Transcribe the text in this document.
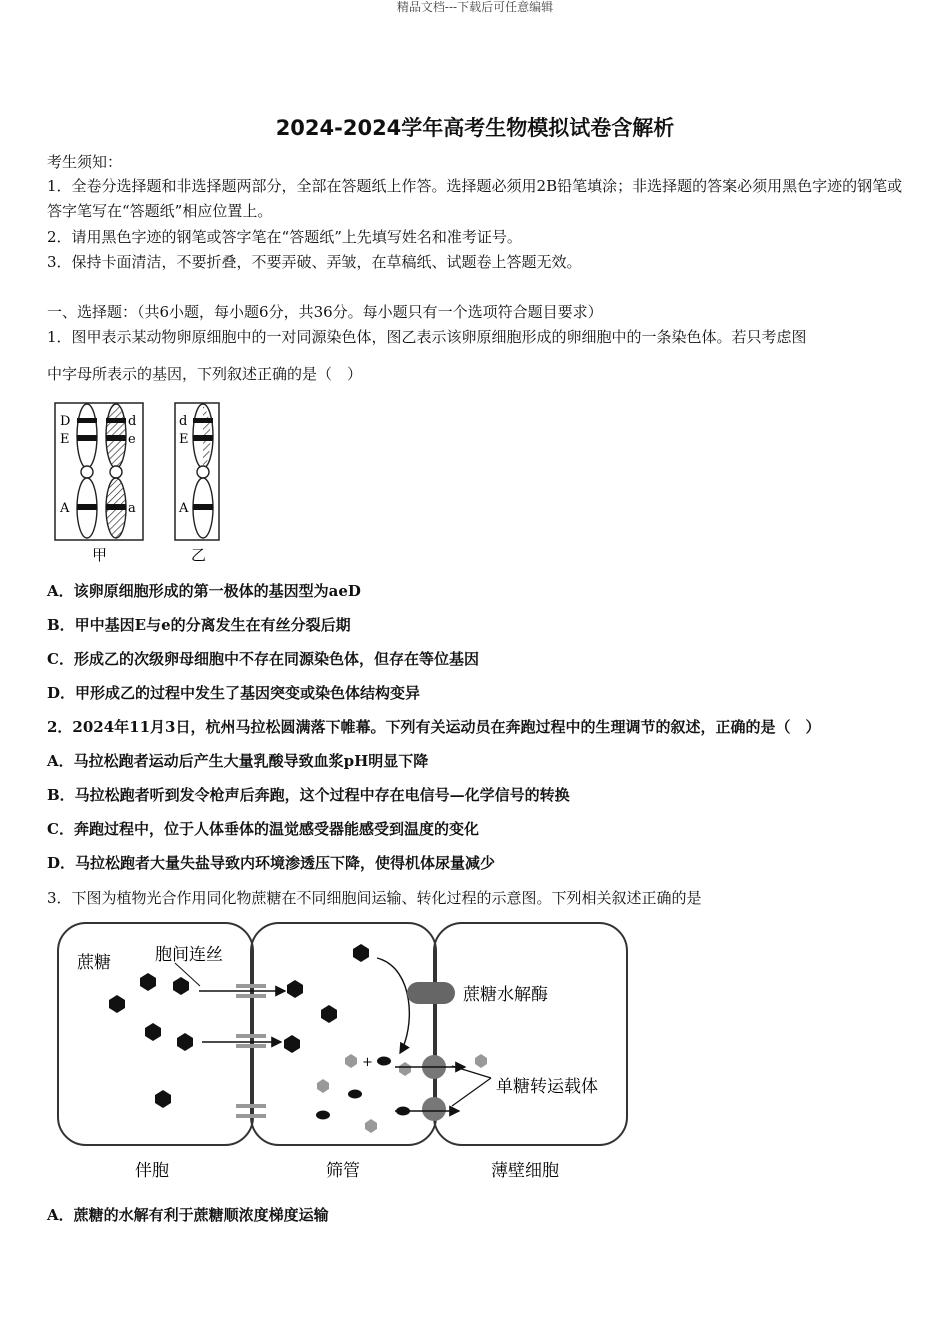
精品文档---下载后可任意编辑
2024-2024学年高考生物模拟试卷含解析
考生须知：
1．全卷分选择题和非选择题两部分，全部在答题纸上作答。选择题必须用2B铅笔填涂；非选择题的答案必须用黑色字迹的钢笔或答字笔写在“答题纸”相应位置上。
2．请用黑色字迹的钢笔或答字笔在“答题纸”上先填写姓名和准考证号。
3．保持卡面清洁，不要折叠，不要弄破、弄皱，在草稿纸、试题卷上答题无效。
一、选择题：（共6小题，每小题6分，共36分。每小题只有一个选项符合题目要求）
1．图甲表示某动物卵原细胞中的一对同源染色体，图乙表示该卵原细胞形成的卵细胞中的一条染色体。若只考虑图
中字母所表示的基因，下列叙述正确的是（　）
D
E
A
d
e
a
甲
d
E
A
乙
A．该卵原细胞形成的第一极体的基因型为aeD
B．甲中基因E与e的分离发生在有丝分裂后期
C．形成乙的次级卵母细胞中不存在同源染色体，但存在等位基因
D．甲形成乙的过程中发生了基因突变或染色体结构变异
2．2024年11月3日，杭州马拉松圆满落下帷幕。下列有关运动员在奔跑过程中的生理调节的叙述，正确的是（　）
A．马拉松跑者运动后产生大量乳酸导致血浆pH明显下降
B．马拉松跑者听到发令枪声后奔跑，这个过程中存在电信号—化学信号的转换
C．奔跑过程中，位于人体垂体的温觉感受器能感受到温度的变化
D．马拉松跑者大量失盐导致内环境渗透压下降，使得机体尿量减少
3．下图为植物光合作用同化物蔗糖在不同细胞间运输、转化过程的示意图。下列相关叙述正确的是
+
蔗糖	胞间连丝
蔗糖水解酶
单糖转运载体
伴胞	筛管	薄壁细胞
A．蔗糖的水解有利于蔗糖顺浓度梯度运输
